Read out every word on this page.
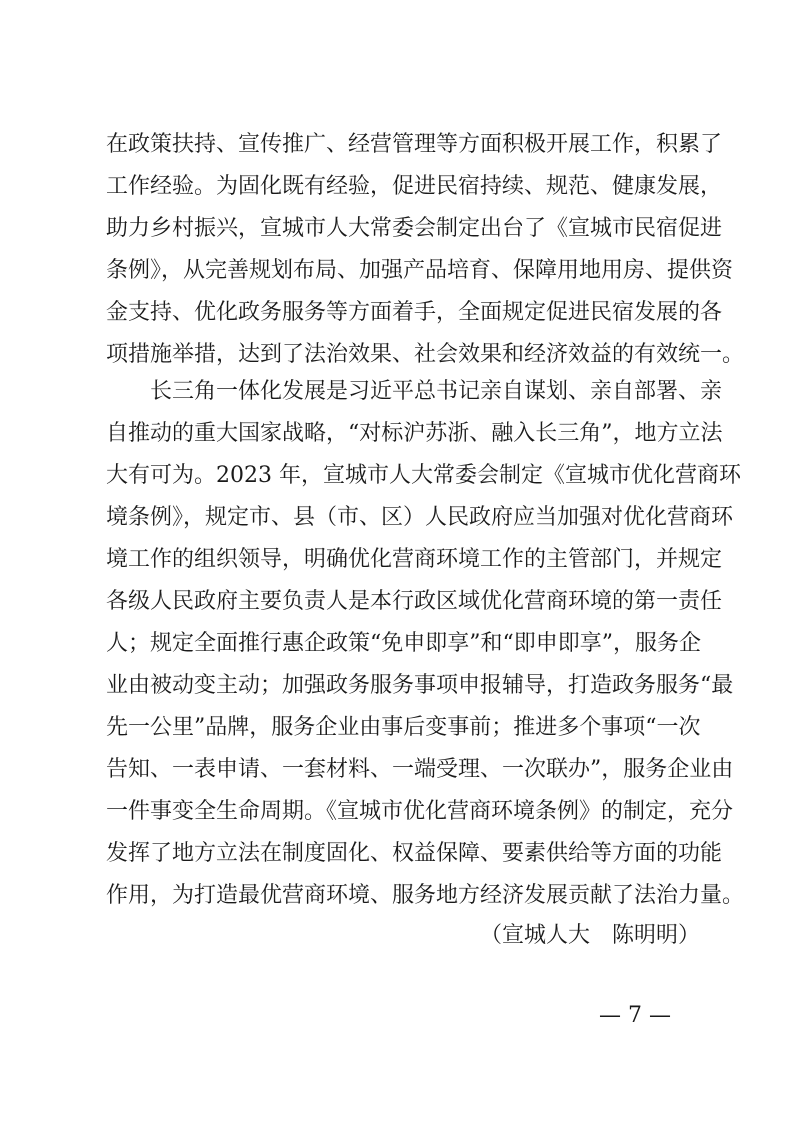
在政策扶持、宣传推广、经营管理等方面积极开展工作，积累了
工作经验。为固化既有经验，促进民宿持续、规范、健康发展，
助力乡村振兴，宣城市人大常委会制定出台了《宣城市民宿促进
条例》，从完善规划布局、加强产品培育、保障用地用房、提供资
金支持、优化政务服务等方面着手，全面规定促进民宿发展的各
项措施举措，达到了法治效果、社会效果和经济效益的有效统一。
长三角一体化发展是习近平总书记亲自谋划、亲自部署、亲
自推动的重大国家战略，“对标沪苏浙、融入长三角”，地方立法
大有可为。2023 年，宣城市人大常委会制定《宣城市优化营商环
境条例》，规定市、县（市、区）人民政府应当加强对优化营商环
境工作的组织领导，明确优化营商环境工作的主管部门，并规定
各级人民政府主要负责人是本行政区域优化营商环境的第一责任
人；规定全面推行惠企政策“免申即享”和“即申即享”，服务企
业由被动变主动；加强政务服务事项申报辅导，打造政务服务“最
先一公里”品牌，服务企业由事后变事前；推进多个事项“一次
告知、一表申请、一套材料、一端受理、一次联办”，服务企业由
一件事变全生命周期。《宣城市优化营商环境条例》的制定，充分
发挥了地方立法在制度固化、权益保障、要素供给等方面的功能
作用，为打造最优营商环境、服务地方经济发展贡献了法治力量。
（宣城人大　陈明明）
— 7 —
